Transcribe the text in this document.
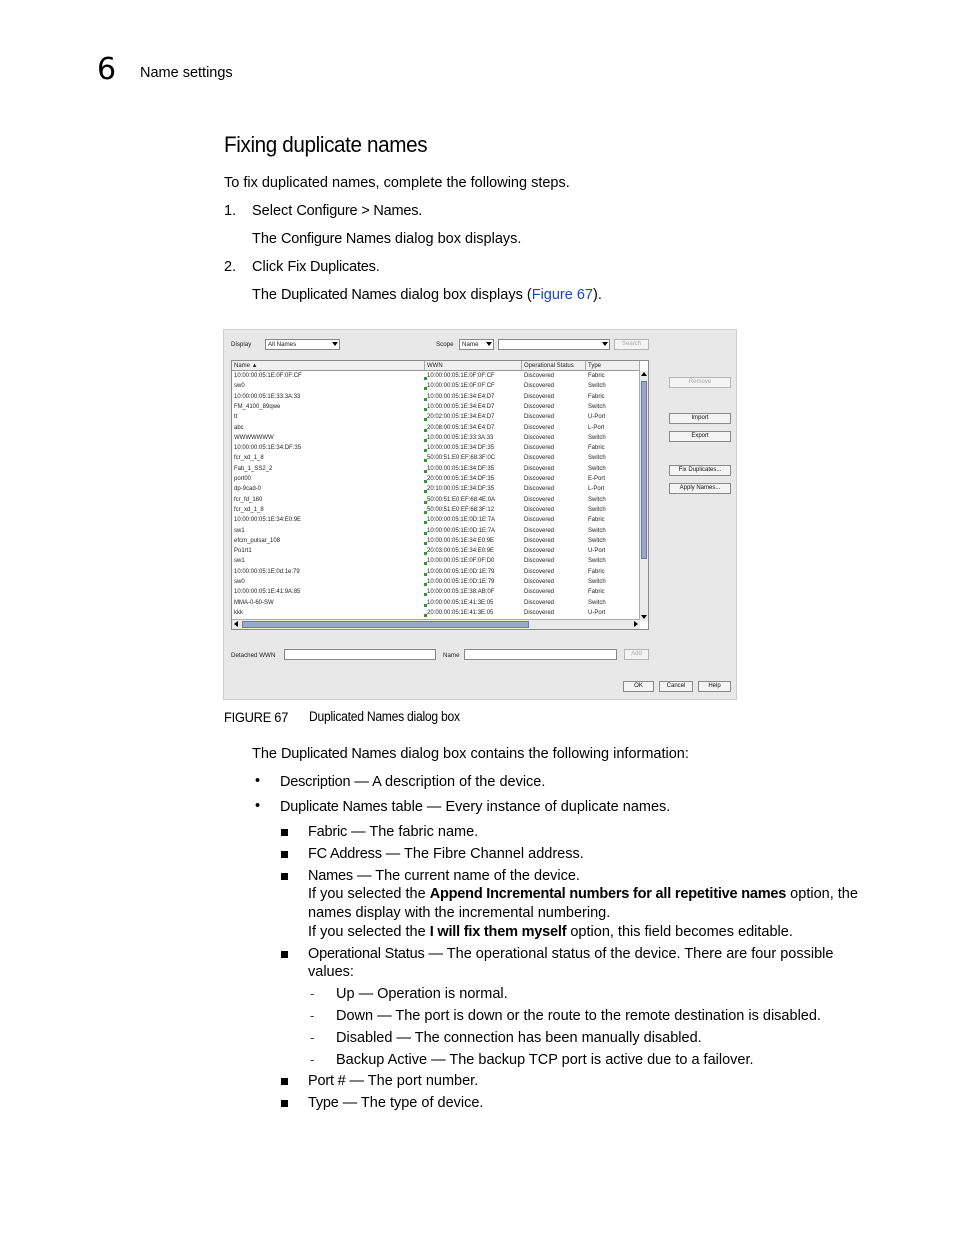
6 Name settings
Fixing duplicate names
To fix duplicated names, complete the following steps.
1. Select Configure > Names.
The Configure Names dialog box displays.
2. Click Fix Duplicates.
The Duplicated Names dialog box displays (Figure 67).
Display	All Names	Scope Name	Search
Name ▲	WWN	Operational Status	Type
10:00:00:05:1E:0F:0F:CF	10:00:00:05:1E:0F:0F:CF	Discovered	Fabric
sw0	10:00:00:05:1E:0F:0F:CF	Discovered	Switch
10:00:00:05:1E:33:3A:33	10:00:00:05:1E:34:E4:D7	Discovered	Fabric
FM_4100_89qwe	10:00:00:05:1E:34:E4:D7	Discovered	Switch
tt	20:02:00:05:1E:34:E4:D7	Discovered	U-Port
abc	20:08:00:05:1E:34:E4:D7	Discovered	L-Port
WWWWWWW	10:00:00:05:1E:33:3A:33	Discovered	Switch
10:00:00:05:1E:34:DF:35	10:00:00:05:1E:34:DF:35	Discovered	Fabric
fcr_xd_1_8	50:00:51:E0:EF:68:3F:0C	Discovered	Switch
Fab_1_SS2_2	10:00:00:05:1E:34:DF:35	Discovered	Switch
port00	20:00:00:05:1E:34:DF:35	Discovered	E-Port
dp-9cad-0	20:10:00:05:1E:34:DF:35	Discovered	L-Port
fcr_fd_160	50:00:51:E0:EF:68:4E:0A	Discovered	Switch
fcr_xd_1_8	50:00:51:E0:EF:68:3F:12	Discovered	Switch
10:00:00:05:1E:34:E0:9E	10:00:00:05:1E:0D:1E:7A	Discovered	Fabric
sw1	10:00:00:05:1E:0D:1E:7A	Discovered	Switch
efcm_pulsar_108	10:00:00:05:1E:34:E0:9E	Discovered	Switch
Po1rt1	20:03:00:05:1E:34:E0:9E	Discovered	U-Port
sw1	10:00:00:05:1E:0F:0F:D0	Discovered	Switch
10:00:00:05:1E:0d:1e:79	10:00:00:05:1E:0D:1E:79	Discovered	Fabric
sw0	10:00:00:05:1E:0D:1E:79	Discovered	Switch
10:00:00:05:1E:41:9A:85	10:00:00:05:1E:38:AB:0F	Discovered	Fabric
MMA-0-60-SW	10:00:00:05:1E:41:3E:05	Discovered	Switch
kkk	20:00:00:05:1E:41:3E:05	Discovered	U-Port
Remove
Import
Export
Fix Duplicates...
Apply Names...
Detached WWN	Name	Add
OK	Cancel	Help
FIGURE 67 Duplicated Names dialog box
The Duplicated Names dialog box contains the following information:
• Description — A description of the device.
• Duplicate Names table — Every instance of duplicate names.
Fabric — The fabric name.
FC Address — The Fibre Channel address.
Names — The current name of the device.
If you selected the Append Incremental numbers for all repetitive names option, the
names display with the incremental numbering.
If you selected the I will fix them myself option, this field becomes editable.
Operational Status — The operational status of the device. There are four possible
values:
- Up — Operation is normal.
- Down — The port is down or the route to the remote destination is disabled.
- Disabled — The connection has been manually disabled.
- Backup Active — The backup TCP port is active due to a failover.
Port # — The port number.
Type — The type of device.
